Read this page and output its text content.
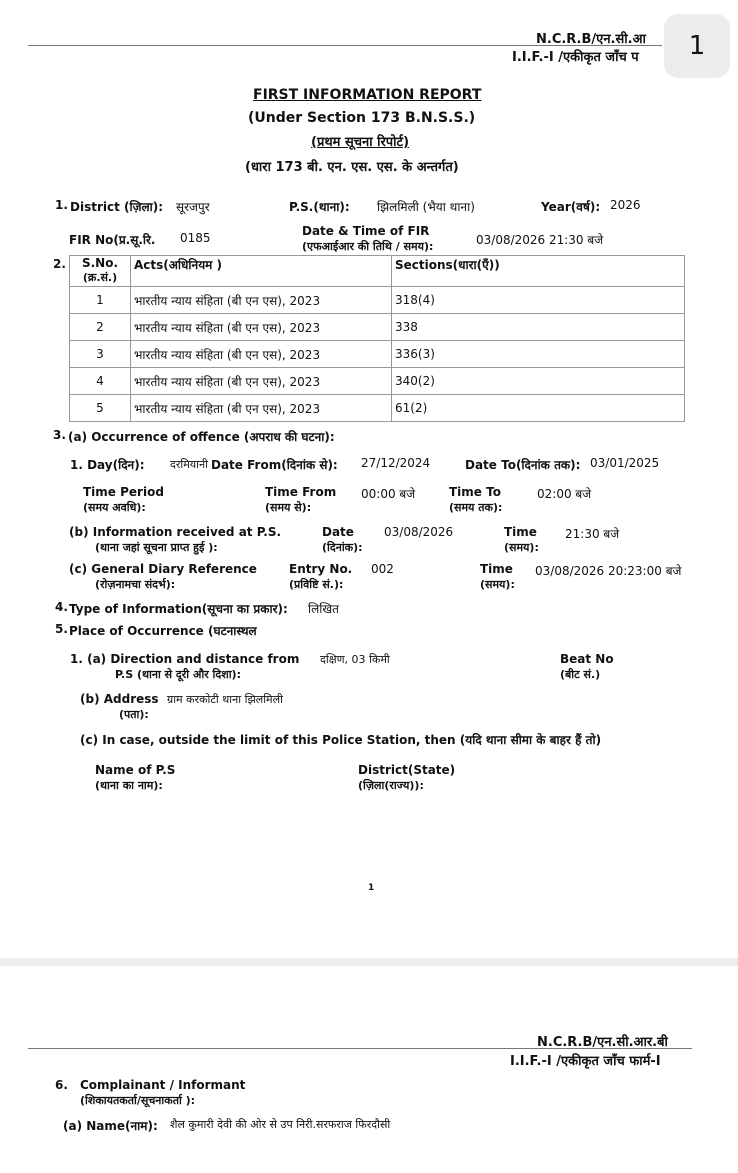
N.C.R.B/एन.सी.आ
I.I.F.-I /एकीकृत जाँच प
FIRST INFORMATION REPORT
(Under Section 173 B.N.S.S.)
(प्रथम सूचना रिपोर्ट)
(धारा 173 बी. एन. एस. एस. के अन्तर्गत)
1. District (ज़िला): सूरजपुर	P.S.(थाना): झिलमिली (भैया थाना)	Year(वर्ष): 2026
FIR No(प्र.सू.रि. 0185	Date & Time of FIR
(एफआईआर की तिथि / समय):	03/08/2026 21:30 बजे
2. S.No.
(क्र.सं.)	Acts(अधिनियम )	Sections(धारा(एँ))
1	भारतीय न्याय संहिता (बी एन एस), 2023	318(4)
2	भारतीय न्याय संहिता (बी एन एस), 2023	338
3	भारतीय न्याय संहिता (बी एन एस), 2023	336(3)
4	भारतीय न्याय संहिता (बी एन एस), 2023	340(2)
5	भारतीय न्याय संहिता (बी एन एस), 2023	61(2)
3. (a) Occurrence of offence (अपराध की घटना):
1. Day(दिन): दरमियानी Date From(दिनांक से): 27/12/2024	Date To(दिनांक तक): 03/01/2025
Time Period
(समय अवधि):
Time From
(समय से):
00:00 बजे	Time To
(समय तक):
02:00 बजे
(b) Information received at P.S.
(थाना जहां सूचना प्राप्त हुई ):
Date
(दिनांक):
03/08/2026	Time
(समय):
21:30 बजे
(c) General Diary Reference
(रोज़नामचा संदर्भ):
Entry No.
(प्रविष्टि सं.):
002	Time
(समय):
03/08/2026 20:23:00 बजे
4. Type of Information(सूचना का प्रकार): लिखित
5. Place of Occurrence (घटनास्थल
1. (a) Direction and distance from
P.S (थाना से दूरी और दिशा):
दक्षिण, 03 किमी	Beat No
(बीट सं.)
(b) Address ग्राम करकोटी थाना झिलमिली
(पता):
(c) In case, outside the limit of this Police Station, then (यदि थाना सीमा के बाहर हैं तो)
Name of P.S
(थाना का नाम):
District(State)
(ज़िला(राज्य)):
1
1
N.C.R.B/एन.सी.आर.बी
I.I.F.-I /एकीकृत जाँच फार्म-I
6. Complainant / Informant
(शिकायतकर्ता/सूचनाकर्ता ):
(a) Name(नाम): शैल कुमारी देवी की ओर से उप निरी.सरफराज फिरदौसी
